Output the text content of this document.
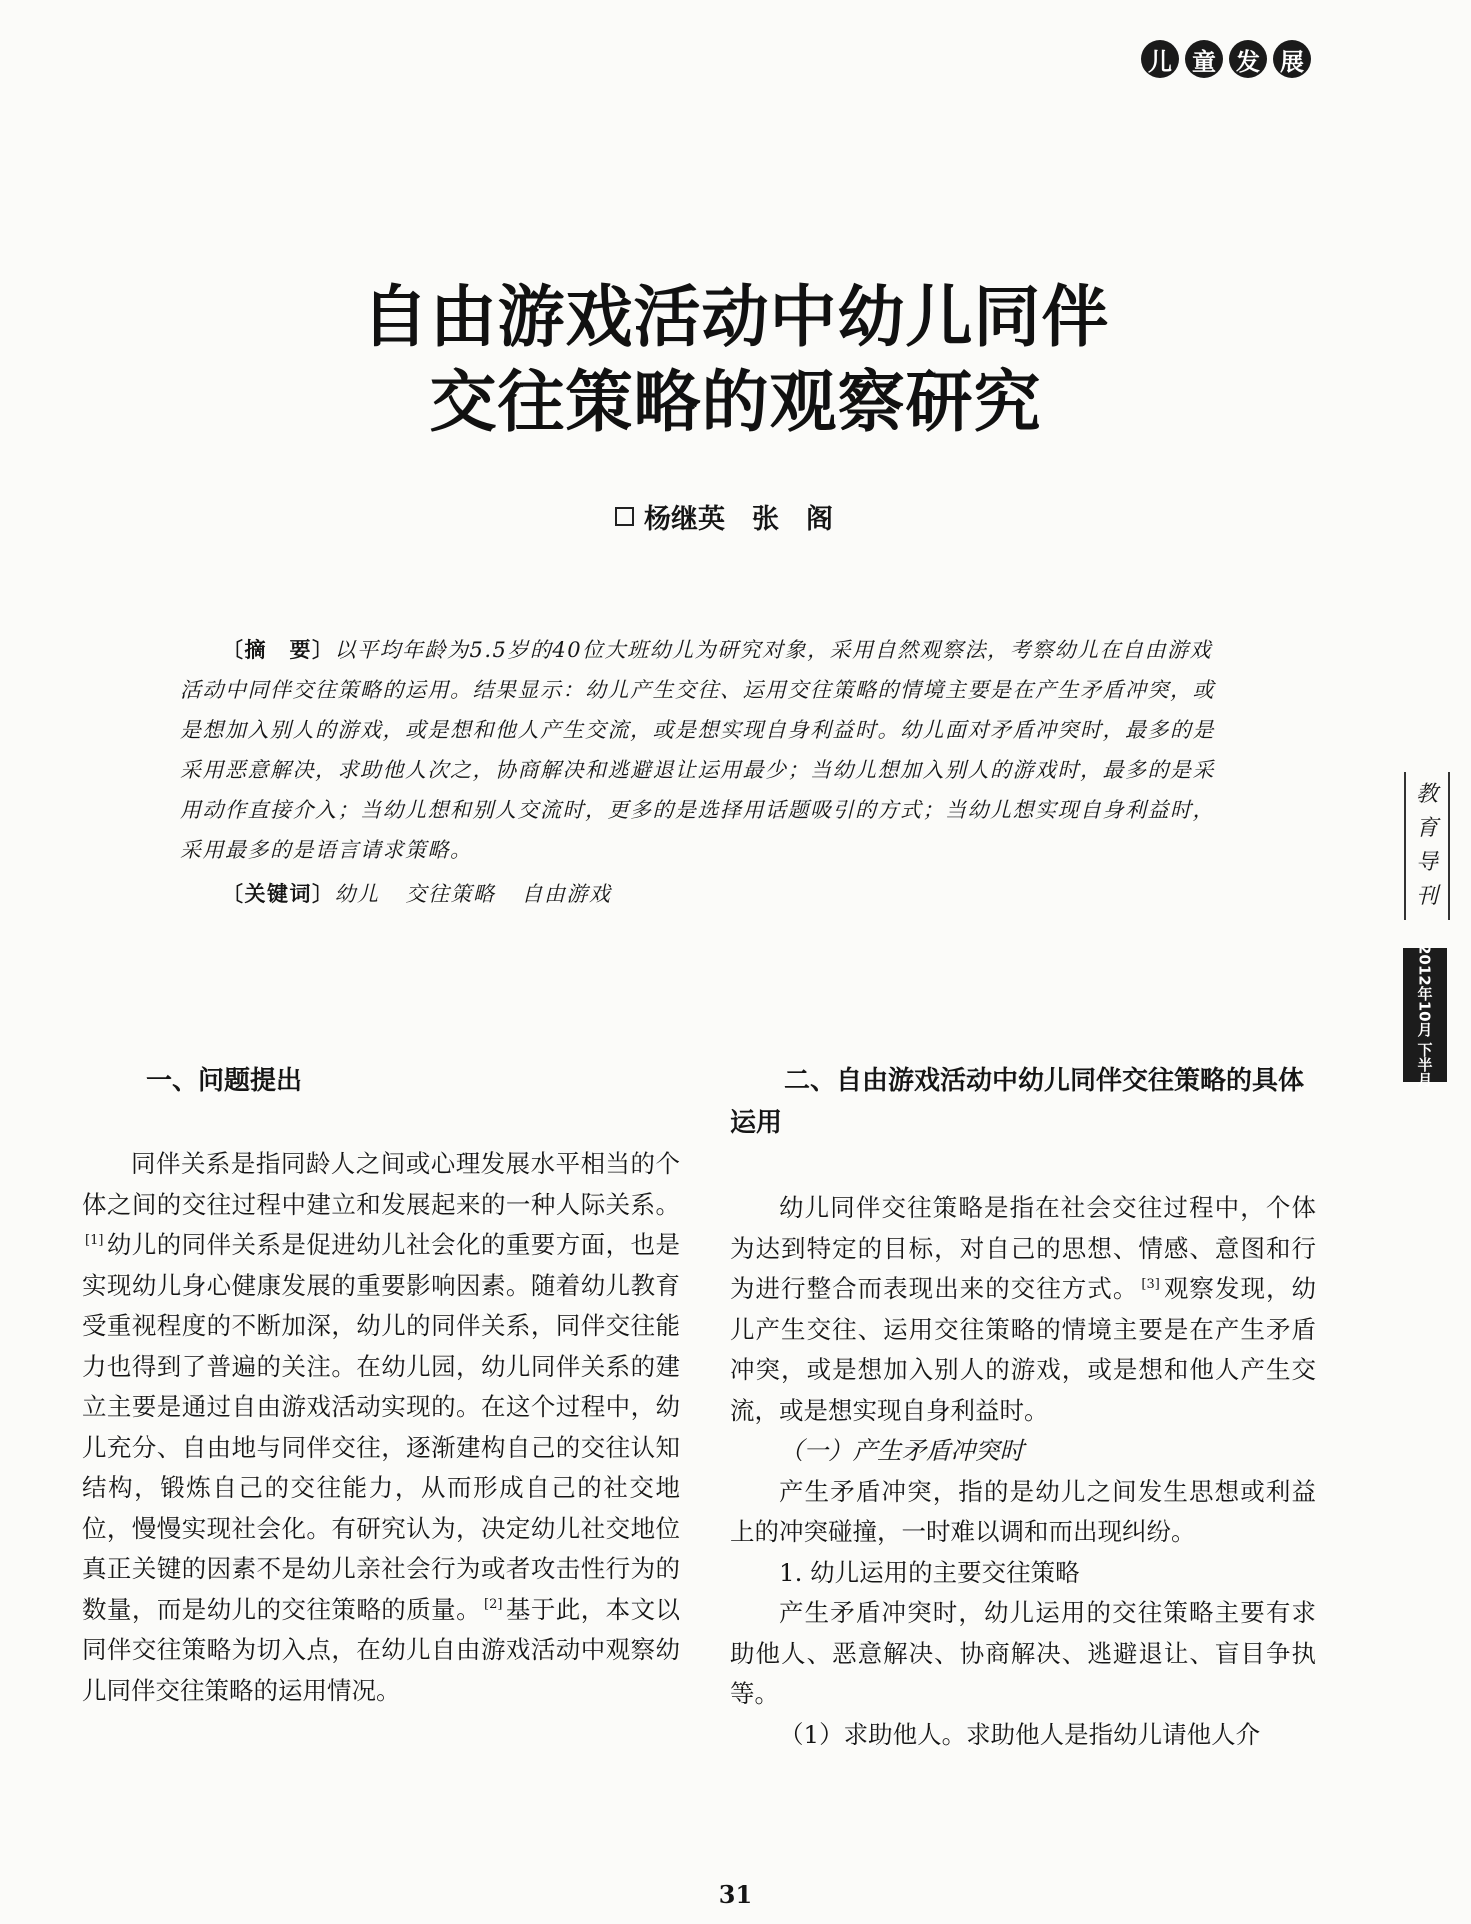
儿 童 发 展
自由游戏活动中幼儿同伴
交往策略的观察研究
杨继英　张　阁

〔摘　要〕以平均年龄为5.5岁的40位大班幼儿为研究对象，采用自然观察法，考察幼儿在自由游戏活动中同伴交往策略的运用。结果显示：幼儿产生交往、运用交往策略的情境主要是在产生矛盾冲突，或是想加入别人的游戏，或是想和他人产生交流，或是想实现自身利益时。幼儿面对矛盾冲突时，最多的是采用恶意解决，求助他人次之，协商解决和逃避退让运用最少；当幼儿想加入别人的游戏时，最多的是采用动作直接介入；当幼儿想和别人交流时，更多的是选择用话题吸引的方式；当幼儿想实现自身利益时，采用最多的是语言请求策略。

〔关键词〕幼儿 交往策略 自由游戏

教
育
导
刊
2012年10月 下半月
一、问题提出

同伴关系是指同龄人之间或心理发展水平相当的个体之间的交往过程中建立和发展起来的一种人际关系。[1] 幼儿的同伴关系是促进幼儿社会化的重要方面，也是实现幼儿身心健康发展的重要影响因素。随着幼儿教育受重视程度的不断加深，幼儿的同伴关系，同伴交往能力也得到了普遍的关注。在幼儿园，幼儿同伴关系的建立主要是通过自由游戏活动实现的。在这个过程中，幼儿充分、自由地与同伴交往，逐渐建构自己的交往认知结构，锻炼自己的交往能力，从而形成自己的社交地位，慢慢实现社会化。有研究认为，决定幼儿社交地位真正关键的因素不是幼儿亲社会行为或者攻击性行为的数量，而是幼儿的交往策略的质量。 [2] 基于此，本文以同伴交往策略为切入点，在幼儿自由游戏活动中观察幼儿同伴交往策略的运用情况。

二、自由游戏活动中幼儿同伴交往策略的具体运用

幼儿同伴交往策略是指在社会交往过程中，个体为达到特定的目标，对自己的思想、情感、意图和行为进行整合而表现出来的交往方式。 [3] 观察发现，幼儿产生交往、运用交往策略的情境主要是在产生矛盾冲突，或是想加入别人的游戏，或是想和他人产生交流，或是想实现自身利益时。

（一）产生矛盾冲突时

产生矛盾冲突，指的是幼儿之间发生思想或利益上的冲突碰撞，一时难以调和而出现纠纷。

1. 幼儿运用的主要交往策略

产生矛盾冲突时，幼儿运用的交往策略主要有求助他人、恶意解决、协商解决、逃避退让、盲目争执等。

（1）求助他人。求助他人是指幼儿请他人介

31
